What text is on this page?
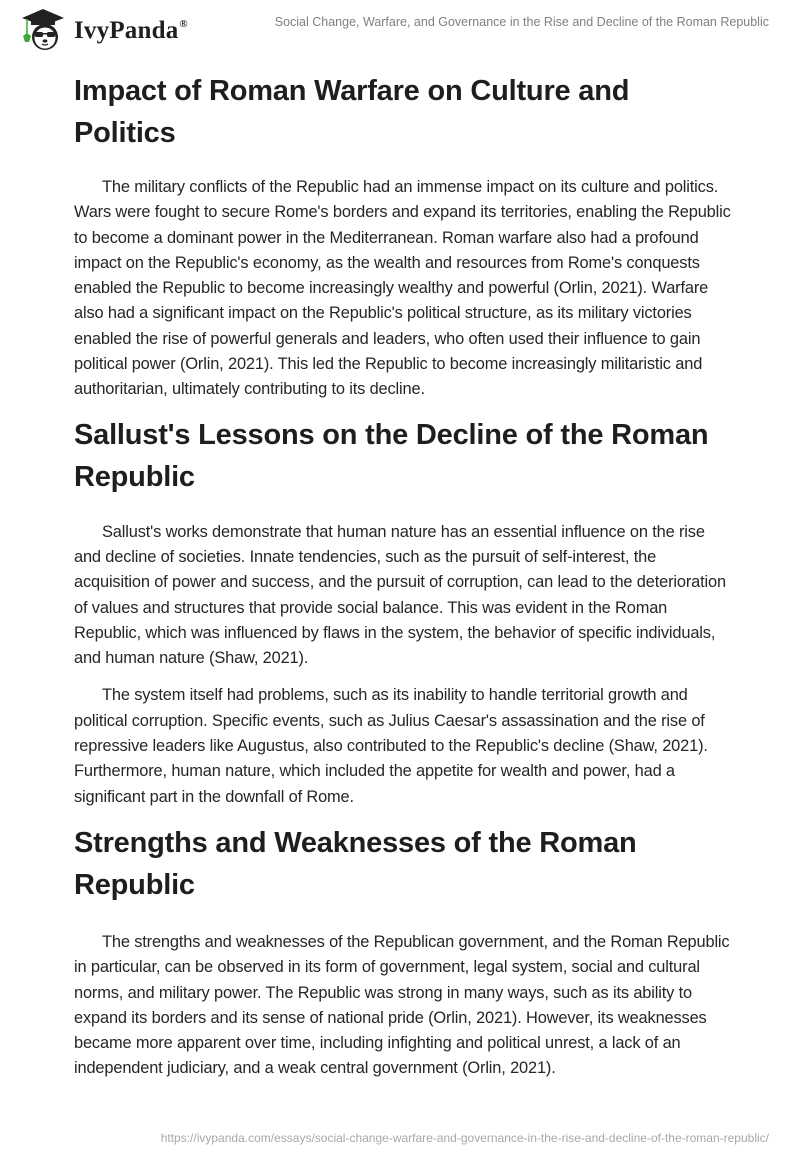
IvyPanda®	Social Change, Warfare, and Governance in the Rise and Decline of the Roman Republic
Impact of Roman Warfare on Culture and Politics

The military conflicts of the Republic had an immense impact on its culture and politics. Wars were fought to secure Rome's borders and expand its territories, enabling the Republic to become a dominant power in the Mediterranean. Roman warfare also had a profound impact on the Republic's economy, as the wealth and resources from Rome's conquests enabled the Republic to become increasingly wealthy and powerful (Orlin, 2021). Warfare also had a significant impact on the Republic's political structure, as its military victories enabled the rise of powerful generals and leaders, who often used their influence to gain political power (Orlin, 2021). This led the Republic to become increasingly militaristic and authoritarian, ultimately contributing to its decline.

Sallust's Lessons on the Decline of the Roman Republic

Sallust's works demonstrate that human nature has an essential influence on the rise and decline of societies. Innate tendencies, such as the pursuit of self-interest, the acquisition of power and success, and the pursuit of corruption, can lead to the deterioration of values and structures that provide social balance. This was evident in the Roman Republic, which was influenced by flaws in the system, the behavior of specific individuals, and human nature (Shaw, 2021).

The system itself had problems, such as its inability to handle territorial growth and political corruption. Specific events, such as Julius Caesar's assassination and the rise of repressive leaders like Augustus, also contributed to the Republic's decline (Shaw, 2021). Furthermore, human nature, which included the appetite for wealth and power, had a significant part in the downfall of Rome.

Strengths and Weaknesses of the Roman Republic

The strengths and weaknesses of the Republican government, and the Roman Republic in particular, can be observed in its form of government, legal system, social and cultural norms, and military power. The Republic was strong in many ways, such as its ability to expand its borders and its sense of national pride (Orlin, 2021). However, its weaknesses became more apparent over time, including infighting and political unrest, a lack of an independent judiciary, and a weak central government (Orlin, 2021).

https://ivypanda.com/essays/social-change-warfare-and-governance-in-the-rise-and-decline-of-the-roman-republic/
